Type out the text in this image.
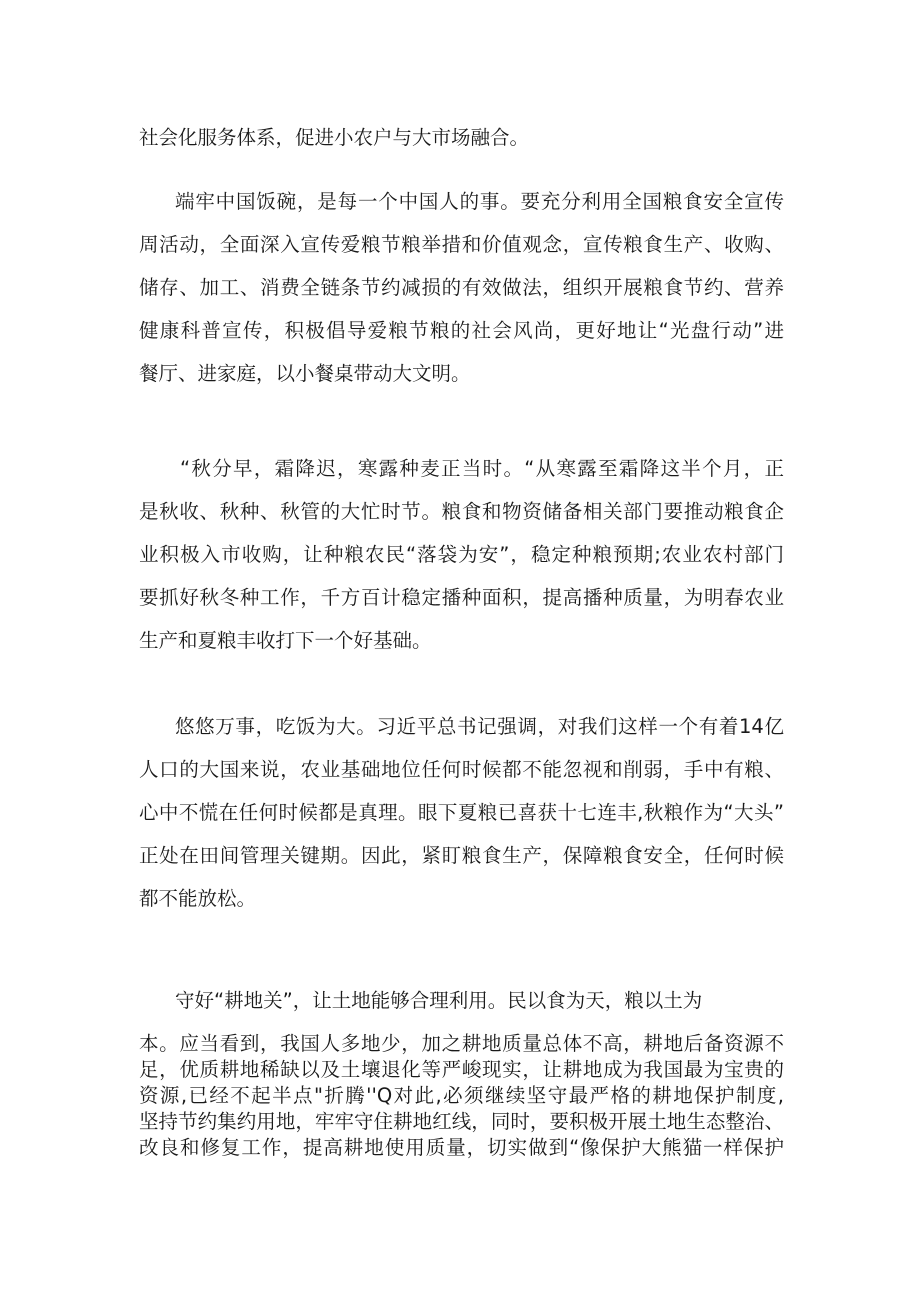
社会化服务体系，促进小农户与大市场融合。
端牢中国饭碗，是每一个中国人的事。要充分利用全国粮食安全宣传
周活动，全面深入宣传爱粮节粮举措和价值观念，宣传粮食生产、收购、
储存、加工、消费全链条节约减损的有效做法，组织开展粮食节约、营养
健康科普宣传，积极倡导爱粮节粮的社会风尚，更好地让“光盘行动”进
餐厅、进家庭，以小餐桌带动大文明。
“秋分早，霜降迟，寒露种麦正当时。“从寒露至霜降这半个月，正
是秋收、秋种、秋管的大忙时节。粮食和物资储备相关部门要推动粮食企
业积极入市收购，让种粮农民“落袋为安”，稳定种粮预期;农业农村部门
要抓好秋冬种工作，千方百计稳定播种面积，提高播种质量，为明春农业
生产和夏粮丰收打下一个好基础。
悠悠万事，吃饭为大。习近平总书记强调，对我们这样一个有着14亿
人口的大国来说，农业基础地位任何时候都不能忽视和削弱，手中有粮、
心中不慌在任何时候都是真理。眼下夏粮已喜获十七连丰,秋粮作为“大头”
正处在田间管理关键期。因此，紧盯粮食生产，保障粮食安全，任何时候
都不能放松。
守好“耕地关”，让土地能够合理利用。民以食为天，粮以土为
本。应当看到，我国人多地少，加之耕地质量总体不高，耕地后备资源不
足，优质耕地稀缺以及土壤退化等严峻现实，让耕地成为我国最为宝贵的
资源,已经不起半点"折腾''Q对此,必须继续坚守最严格的耕地保护制度,
坚持节约集约用地，牢牢守住耕地红线，同时，要积极开展土地生态整治、
改良和修复工作，提高耕地使用质量，切实做到“像保护大熊猫一样保护
